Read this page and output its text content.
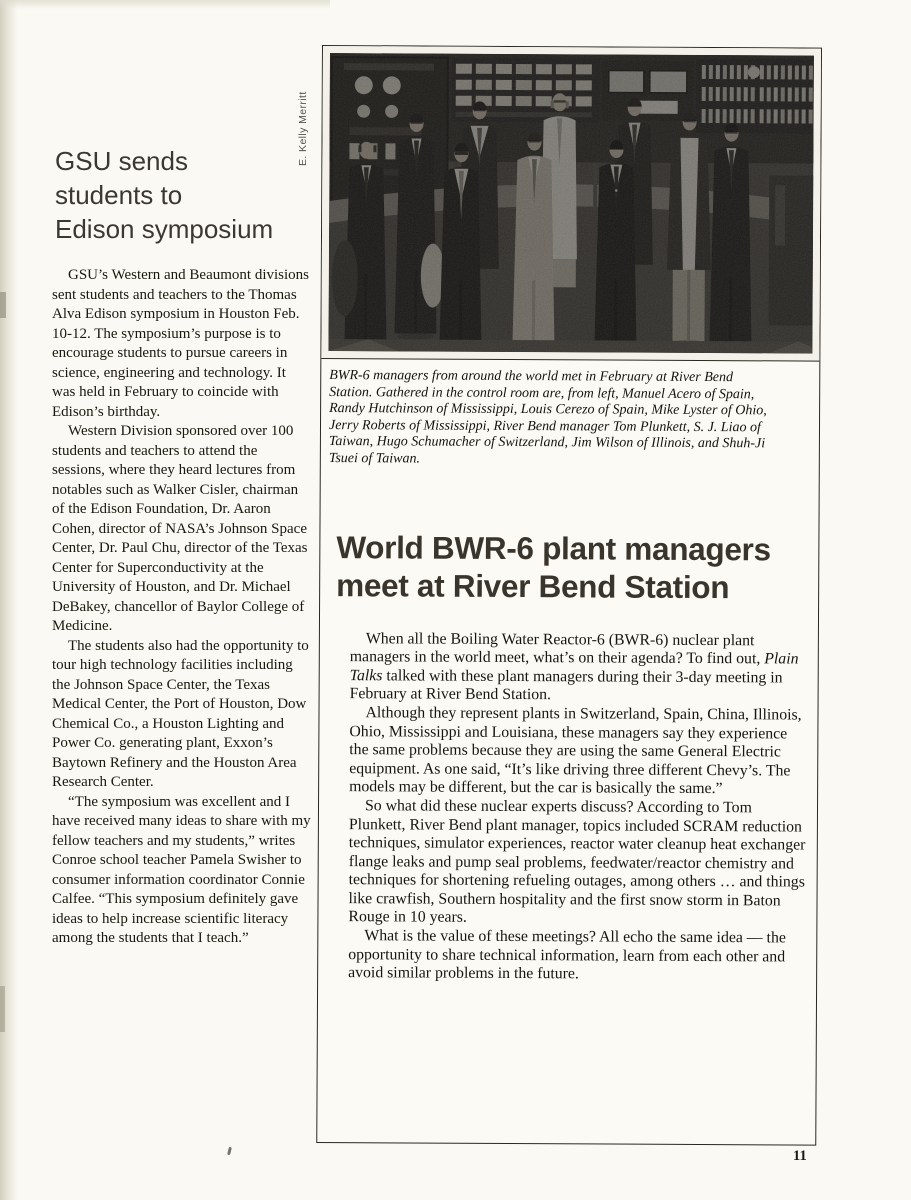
GSU sends
students to
Edison symposium

GSU’s Western and Beaumont divisions sent students and teachers to the Thomas Alva Edison symposium in Houston Feb. 10-12. The symposium’s purpose is to encourage students to pursue careers in science, engineering and technology. It was held in February to coincide with Edison’s birthday.

Western Division sponsored over 100 students and teachers to attend the sessions, where they heard lectures from notables such as Walker Cisler, chairman of the Edison Foundation, Dr. Aaron Cohen, director of NASA’s Johnson Space Center, Dr. Paul Chu, director of the Texas Center for Superconductivity at the University of Houston, and Dr. Michael DeBakey, chancellor of Baylor College of Medicine.

The students also had the opportunity to tour high technology facilities including the Johnson Space Center, the Texas Medical Center, the Port of Houston, Dow Chemical Co., a Houston Lighting and Power Co. generating plant, Exxon’s Baytown Refinery and the Houston Area Research Center.

“The symposium was excellent and I have received many ideas to share with my fellow teachers and my students,” writes Conroe school teacher Pamela Swisher to consumer information coordinator Connie Calfee. “This symposium definitely gave ideas to help increase scientific literacy among the students that I teach.”

E. Kelly Merritt
BWR-6 managers from around the world met in February at River Bend Station. Gathered in the control room are, from left, Manuel Acero of Spain, Randy Hutchinson of Mississippi, Louis Cerezo of Spain, Mike Lyster of Ohio, Jerry Roberts of Mississippi, River Bend manager Tom Plunkett, S. J. Liao of Taiwan, Hugo Schumacher of Switzerland, Jim Wilson of Illinois, and Shuh-Ji Tsuei of Taiwan.
World BWR-6 plant managers
meet at River Bend Station

When all the Boiling Water Reactor-6 (BWR-6) nuclear plant managers in the world meet, what’s on their agenda? To find out, Plain Talks talked with these plant managers during their 3-day meeting in February at River Bend Station.

Although they represent plants in Switzerland, Spain, China, Illinois, Ohio, Mississippi and Louisiana, these managers say they experience the same problems because they are using the same General Electric equipment. As one said, “It’s like driving three different Chevy’s. The models may be different, but the car is basically the same.”

So what did these nuclear experts discuss? According to Tom Plunkett, River Bend plant manager, topics included SCRAM reduction techniques, simulator experiences, reactor water cleanup heat exchanger flange leaks and pump seal problems, feedwater/reactor chemistry and techniques for shortening refueling outages, among others … and things like crawfish, Southern hospitality and the first snow storm in Baton Rouge in 10 years.

What is the value of these meetings? All echo the same idea — the opportunity to share technical information, learn from each other and avoid similar problems in the future.

11
